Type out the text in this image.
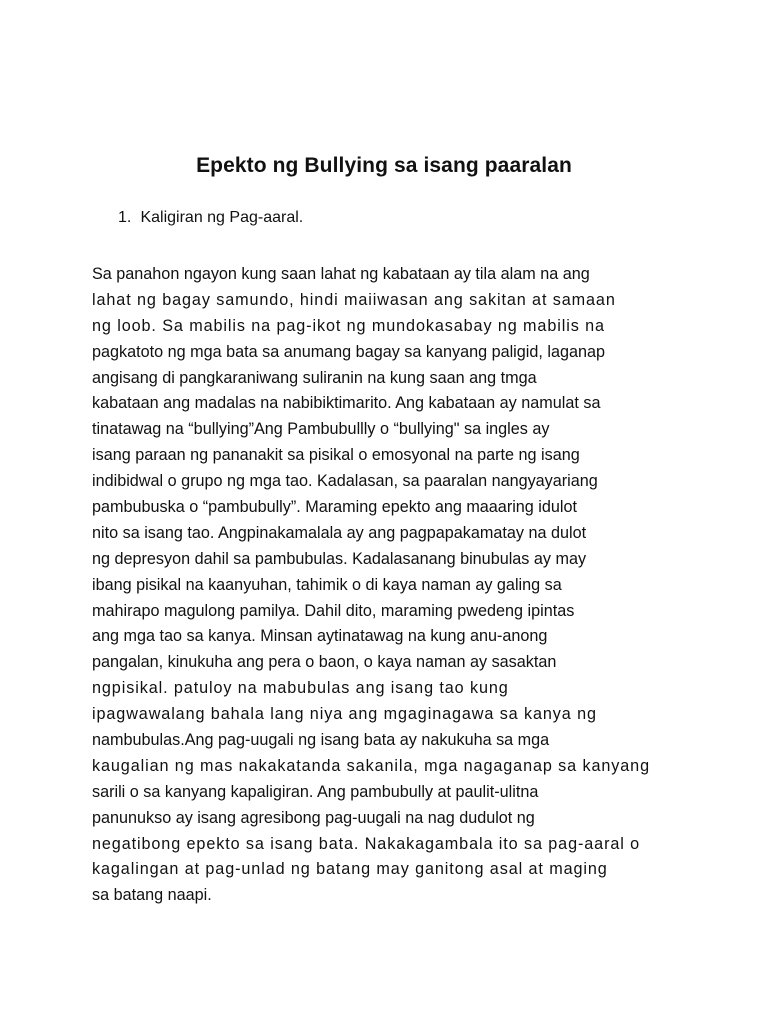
Epekto ng Bullying sa isang paaralan
1. Kaligiran ng Pag-aaral.
Sa panahon ngayon kung saan lahat ng kabataan ay tila alam na ang
lahat ng bagay samundo, hindi maiiwasan ang sakitan at samaan
ng loob. Sa mabilis na pag-ikot ng mundokasabay ng mabilis na
pagkatoto ng mga bata sa anumang bagay sa kanyang paligid, laganap
angisang di pangkaraniwang suliranin na kung saan ang tmga
kabataan ang madalas na nabibiktimarito. Ang kabataan ay namulat sa
tinatawag na “bullying”Ang Pambubullly o “bullying" sa ingles ay
isang paraan ng pananakit sa pisikal o emosyonal na parte ng isang
indibidwal o grupo ng mga tao. Kadalasan, sa paaralan nangyayariang
pambubuska o “pambubully”. Maraming epekto ang maaaring idulot
nito sa isang tao. Angpinakamalala ay ang pagpapakamatay na dulot
ng depresyon dahil sa pambubulas. Kadalasanang binubulas ay may
ibang pisikal na kaanyuhan, tahimik o di kaya naman ay galing sa
mahirapo magulong pamilya. Dahil dito, maraming pwedeng ipintas
ang mga tao sa kanya. Minsan aytinatawag na kung anu-anong
pangalan, kinukuha ang pera o baon, o kaya naman ay sasaktan
ngpisikal. patuloy na mabubulas ang isang tao kung
ipagwawalang bahala lang niya ang mgaginagawa sa kanya ng
nambubulas.Ang pag-uugali ng isang bata ay nakukuha sa mga
kaugalian ng mas nakakatanda sakanila, mga nagaganap sa kanyang
sarili o sa kanyang kapaligiran. Ang pambubully at paulit-ulitna
panunukso ay isang agresibong pag-uugali na nag dudulot ng
negatibong epekto sa isang bata. Nakakagambala ito sa pag-aaral o
kagalingan at pag-unlad ng batang may ganitong asal at maging
sa batang naapi.
